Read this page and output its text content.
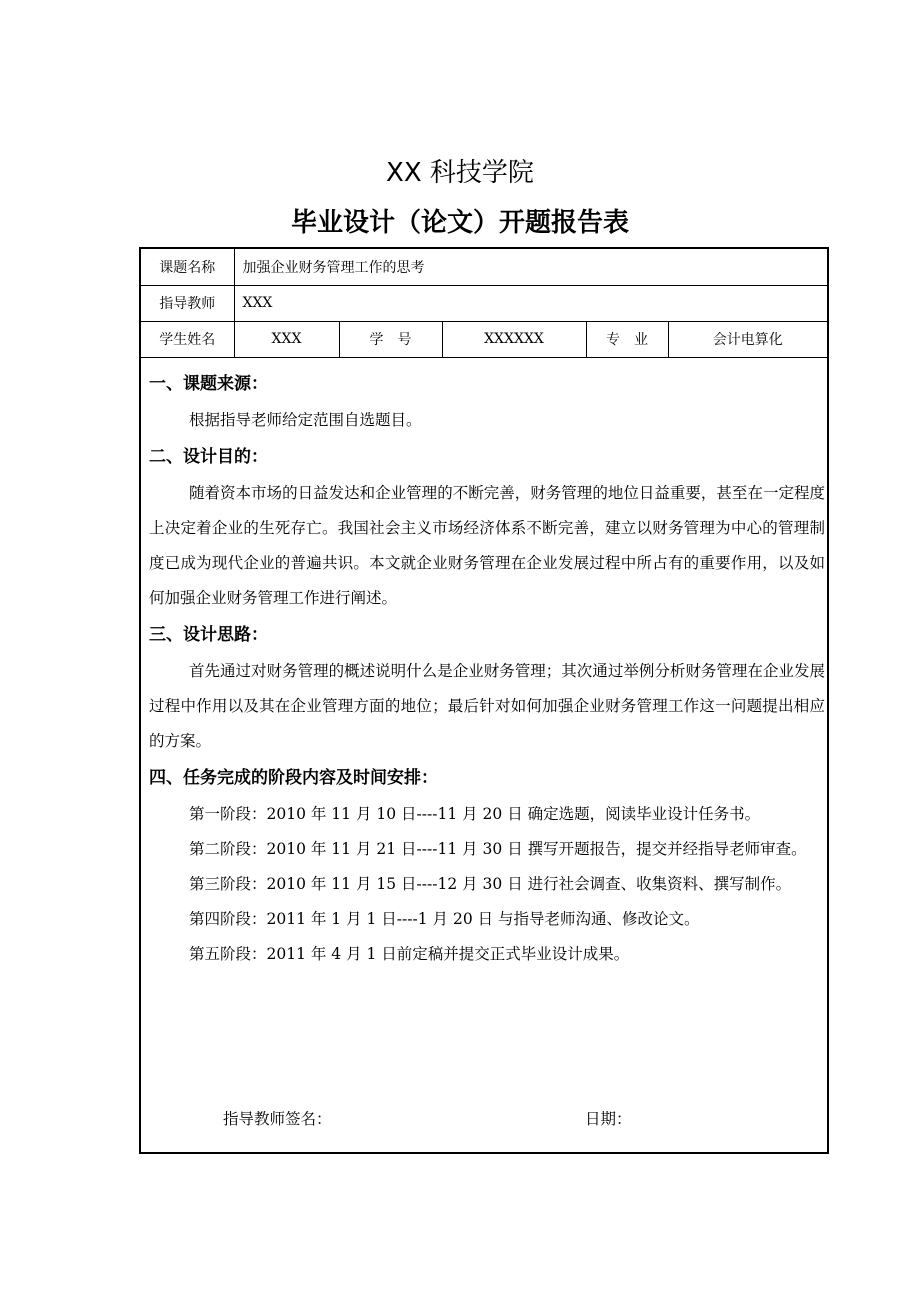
XX 科技学院
毕业设计（论文）开题报告表
课题名称	加强企业财务管理工作的思考				
指导教师	XXX				
学生姓名	XXX	学　号	XXXXXX	专　业	会计电算化
一、课题来源：

根据指导老师给定范围自选题目。

二、设计目的：

随着资本市场的日益发达和企业管理的不断完善，财务管理的地位日益重要，甚至在一定程度上决定着企业的生死存亡。我国社会主义市场经济体系不断完善，建立以财务管理为中心的管理制度已成为现代企业的普遍共识。本文就企业财务管理在企业发展过程中所占有的重要作用，以及如何加强企业财务管理工作进行阐述。

三、设计思路：

首先通过对财务管理的概述说明什么是企业财务管理；其次通过举例分析财务管理在企业发展过程中作用以及其在企业管理方面的地位；最后针对如何加强企业财务管理工作这一问题提出相应的方案。

四、任务完成的阶段内容及时间安排：

第一阶段：2010 年 11 月 10 日----11 月 20 日 确定选题，阅读毕业设计任务书。

第二阶段：2010 年 11 月 21 日----11 月 30 日 撰写开题报告，提交并经指导老师审查。

第三阶段：2010 年 11 月 15 日----12 月 30 日 进行社会调查、收集资料、撰写制作。

第四阶段：2011 年 1 月 1 日----1 月 20 日 与指导老师沟通、修改论文。

第五阶段：2011 年 4 月 1 日前定稿并提交正式毕业设计成果。

指导教师签名：	日期：
